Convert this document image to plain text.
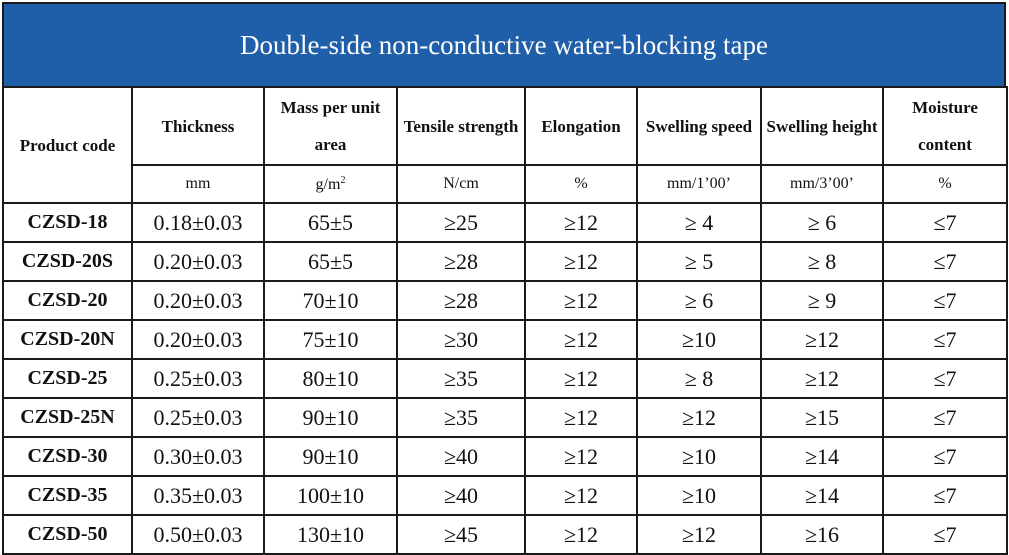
Double-side non-conductive water-blocking tape
Product code	Thickness	Mass per unit area	Tensile strength	Elongation	Swelling speed	Swelling height	Moisture content
	mm	$g/m^2$	N/cm	%	mm/1’00’	mm/3’00’	%
CZSD-18	0.18±0.03	65±5	≥25	≥12	≥ 4	≥ 6	≤7
CZSD-20S	0.20±0.03	65±5	≥28	≥12	≥ 5	≥ 8	≤7
CZSD-20	0.20±0.03	70±10	≥28	≥12	≥ 6	≥ 9	≤7
CZSD-20N	0.20±0.03	75±10	≥30	≥12	≥10	≥12	≤7
CZSD-25	0.25±0.03	80±10	≥35	≥12	≥ 8	≥12	≤7
CZSD-25N	0.25±0.03	90±10	≥35	≥12	≥12	≥15	≤7
CZSD-30	0.30±0.03	90±10	≥40	≥12	≥10	≥14	≤7
CZSD-35	0.35±0.03	100±10	≥40	≥12	≥10	≥14	≤7
CZSD-50	0.50±0.03	130±10	≥45	≥12	≥12	≥16	≤7
